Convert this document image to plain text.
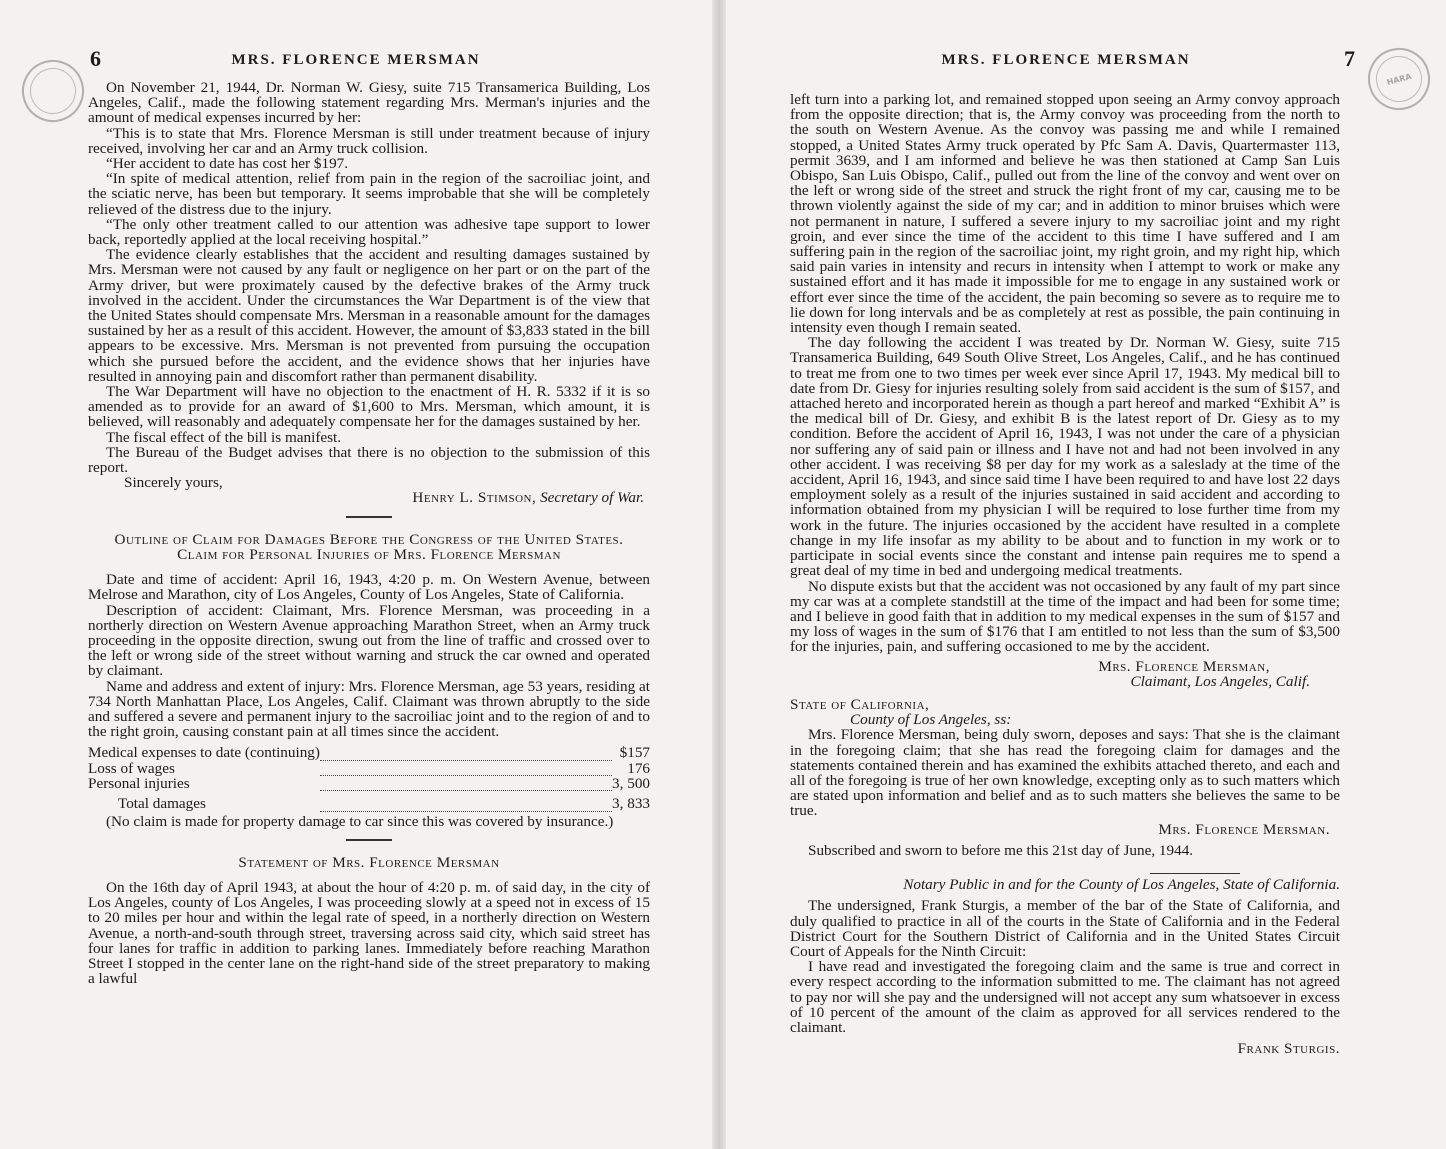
6	MRS. FLORENCE MERSMAN

On November 21, 1944, Dr. Norman W. Giesy, suite 715 Transamerica Building, Los Angeles, Calif., made the following statement regarding Mrs. Merman's injuries and the amount of medical expenses incurred by her:

“This is to state that Mrs. Florence Mersman is still under treatment because of injury received, involving her car and an Army truck collision.

“Her accident to date has cost her $197.

“In spite of medical attention, relief from pain in the region of the sacroiliac joint, and the sciatic nerve, has been but temporary. It seems improbable that she will be completely relieved of the distress due to the injury.

“The only other treatment called to our attention was adhesive tape support to lower back, reportedly applied at the local receiving hospital.”

The evidence clearly establishes that the accident and resulting damages sustained by Mrs. Mersman were not caused by any fault or negligence on her part or on the part of the Army driver, but were proximately caused by the defective brakes of the Army truck involved in the accident. Under the circumstances the War Department is of the view that the United States should compensate Mrs. Mersman in a reasonable amount for the damages sustained by her as a result of this accident. However, the amount of $3,833 stated in the bill appears to be excessive. Mrs. Mersman is not prevented from pursuing the occupation which she pursued before the accident, and the evidence shows that her injuries have resulted in annoying pain and discomfort rather than permanent disability.

The War Department will have no objection to the enactment of H. R. 5332 if it is so amended as to provide for an award of $1,600 to Mrs. Mersman, which amount, it is believed, will reasonably and adequately compensate her for the damages sustained by her.

The fiscal effect of the bill is manifest.

The Bureau of the Budget advises that there is no objection to the submission of this report.

Sincerely yours,

Henry L. Stimson, Secretary of War.

Outline of Claim for Damages Before the Congress of the United States.

Claim for Personal Injuries of Mrs. Florence Mersman

Date and time of accident: April 16, 1943, 4:20 p. m. On Western Avenue, between Melrose and Marathon, city of Los Angeles, County of Los Angeles, State of California.

Description of accident: Claimant, Mrs. Florence Mersman, was proceeding in a northerly direction on Western Avenue approaching Marathon Street, when an Army truck proceeding in the opposite direction, swung out from the line of traffic and crossed over to the left or wrong side of the street without warning and struck the car owned and operated by claimant.

Name and address and extent of injury: Mrs. Florence Mersman, age 53 years, residing at 734 North Manhattan Place, Los Angeles, Calif. Claimant was thrown abruptly to the side and suffered a severe and permanent injury to the sacroiliac joint and to the region of and to the right groin, causing constant pain at all times since the accident.

Medical expenses to date (continuing)		$157
Loss of wages		176
Personal injuries		3, 500
Total damages		3, 833

(No claim is made for property damage to car since this was covered by insurance.)

Statement of Mrs. Florence Mersman

On the 16th day of April 1943, at about the hour of 4:20 p. m. of said day, in the city of Los Angeles, county of Los Angeles, I was proceeding slowly at a speed not in excess of 15 to 20 miles per hour and within the legal rate of speed, in a northerly direction on Western Avenue, a north-and-south through street, traversing across said city, which said street has four lanes for traffic in addition to parking lanes. Immediately before reaching Marathon Street I stopped in the center lane on the right-hand side of the street preparatory to making a lawful

MRS. FLORENCE MERSMAN	7

left turn into a parking lot, and remained stopped upon seeing an Army convoy approach from the opposite direction; that is, the Army convoy was proceeding from the north to the south on Western Avenue. As the convoy was passing me and while I remained stopped, a United States Army truck operated by Pfc Sam A. Davis, Quartermaster 113, permit 3639, and I am informed and believe he was then stationed at Camp San Luis Obispo, San Luis Obispo, Calif., pulled out from the line of the convoy and went over on the left or wrong side of the street and struck the right front of my car, causing me to be thrown violently against the side of my car; and in addition to minor bruises which were not permanent in nature, I suffered a severe injury to my sacroiliac joint and my right groin, and ever since the time of the accident to this time I have suffered and I am suffering pain in the region of the sacroiliac joint, my right groin, and my right hip, which said pain varies in intensity and recurs in intensity when I attempt to work or make any sustained effort and it has made it impossible for me to engage in any sustained work or effort ever since the time of the accident, the pain becoming so severe as to require me to lie down for long intervals and be as completely at rest as possible, the pain continuing in intensity even though I remain seated.

The day following the accident I was treated by Dr. Norman W. Giesy, suite 715 Transamerica Building, 649 South Olive Street, Los Angeles, Calif., and he has continued to treat me from one to two times per week ever since April 17, 1943. My medical bill to date from Dr. Giesy for injuries resulting solely from said accident is the sum of $157, and attached hereto and incorporated herein as though a part hereof and marked “Exhibit A” is the medical bill of Dr. Giesy, and exhibit B is the latest report of Dr. Giesy as to my condition. Before the accident of April 16, 1943, I was not under the care of a physician nor suffering any of said pain or illness and I have not and had not been involved in any other accident. I was receiving $8 per day for my work as a saleslady at the time of the accident, April 16, 1943, and since said time I have been required to and have lost 22 days employment solely as a result of the injuries sustained in said accident and according to information obtained from my physician I will be required to lose further time from my work in the future. The injuries occasioned by the accident have resulted in a complete change in my life insofar as my ability to be about and to function in my work or to participate in social events since the constant and intense pain requires me to spend a great deal of my time in bed and undergoing medical treatments.

No dispute exists but that the accident was not occasioned by any fault of my part since my car was at a complete standstill at the time of the impact and had been for some time; and I believe in good faith that in addition to my medical expenses in the sum of $157 and my loss of wages in the sum of $176 that I am entitled to not less than the sum of $3,500 for the injuries, pain, and suffering occasioned to me by the accident.

Mrs. Florence Mersman,
Claimant, Los Angeles, Calif.

State of California,

County of Los Angeles, ss:

Mrs. Florence Mersman, being duly sworn, deposes and says: That she is the claimant in the foregoing claim; that she has read the foregoing claim for damages and the statements contained therein and has examined the exhibits attached thereto, and each and all of the foregoing is true of her own knowledge, excepting only as to such matters which are stated upon information and belief and as to such matters she believes the same to be true.

Mrs. Florence Mersman.

Subscribed and sworn to before me this 21st day of June, 1944.

Notary Public in and for the County of Los Angeles, State of California.

The undersigned, Frank Sturgis, a member of the bar of the State of California, and duly qualified to practice in all of the courts in the State of California and in the Federal District Court for the Southern District of California and in the United States Circuit Court of Appeals for the Ninth Circuit:

I have read and investigated the foregoing claim and the same is true and correct in every respect according to the information submitted to me. The claimant has not agreed to pay nor will she pay and the undersigned will not accept any sum whatsoever in excess of 10 percent of the amount of the claim as approved for all services rendered to the claimant.

Frank Sturgis.
HARA
